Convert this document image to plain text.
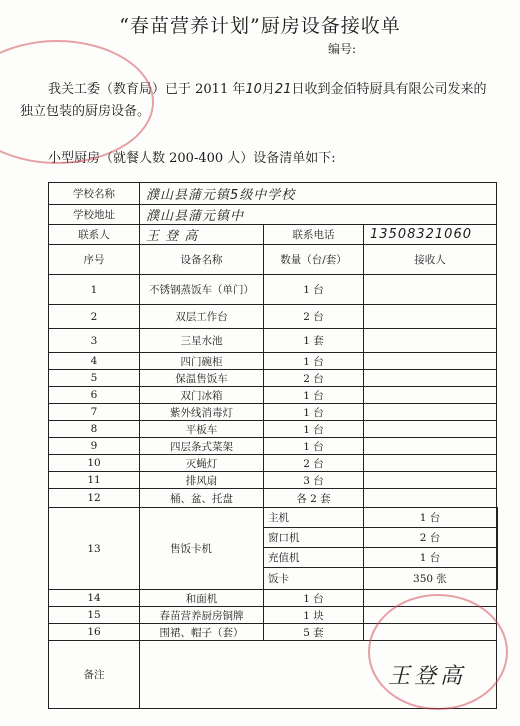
“春苗营养计划”厨房设备接收单
编号:
我关工委（教育局）已于 2011 年10月21日收到金佰特厨具有限公司发来的
独立包装的厨房设备。
小型厨房（就餐人数 200-400 人）设备清单如下:
学校名称	濮山县蒲元镇5级中学校			
学校地址	濮山县蒲元镇中			
联系人	王 登 高	联系电话	13508321060	
序号	设备名称	数量（台/套）	接收人	
1	不锈钢蒸饭车（单门）	1 台		
2	双层工作台	2 台		
3	三星水池	1 套		
4	四门碗柜	1 台		
5	保温售饭车	2 台		
6	双门冰箱	1 台		
7	紫外线消毒灯	1 台		
8	平板车	1 台		
9	四层条式菜架	1 台		
10	灭蝇灯	2 台		
11	排风扇	3 台		
12	桶、盆、托盘	各 2 套		
13	售饭卡机	主机	1 台	
		窗口机	2 台	
		充值机	1 台	
		饭卡	350 张	
14	和面机	1 台		
15	春苗营养厨房铜牌	1 块		
16	围裙、帽子（套）	5 套		
备注	王登高			
